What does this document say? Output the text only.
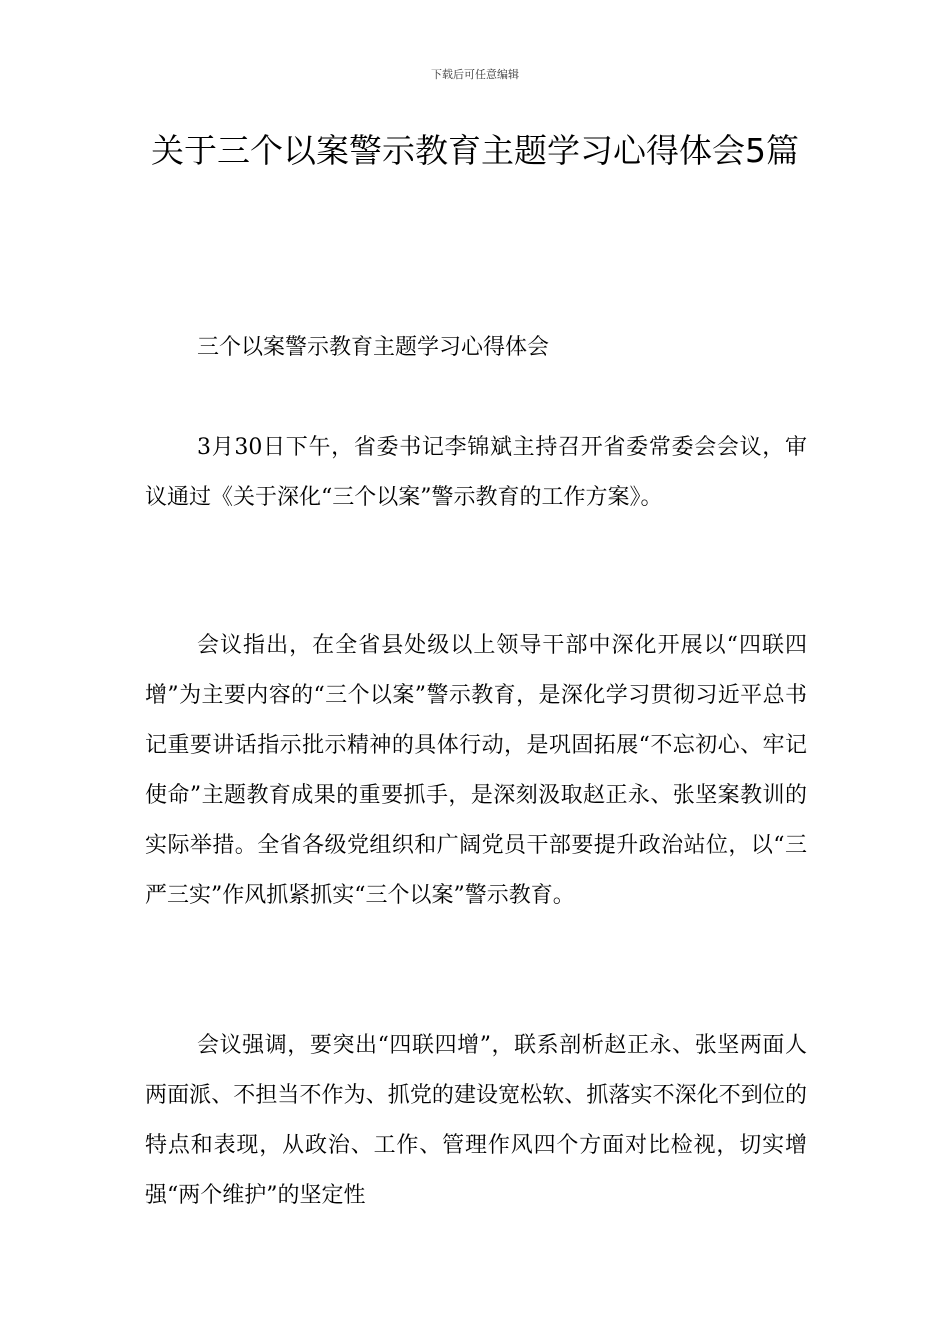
下载后可任意编辑
关于三个以案警示教育主题学习心得体会5篇
三个以案警示教育主题学习心得体会

3月30日下午，省委书记李锦斌主持召开省委常委会会议，审议通过《关于深化“三个以案”警示教育的工作方案》。

会议指出，在全省县处级以上领导干部中深化开展以“四联四增”为主要内容的“三个以案”警示教育，是深化学习贯彻习近平总书记重要讲话指示批示精神的具体行动，是巩固拓展“不忘初心、牢记使命”主题教育成果的重要抓手，是深刻汲取赵正永、张坚案教训的实际举措。全省各级党组织和广阔党员干部要提升政治站位，以“三严三实”作风抓紧抓实“三个以案”警示教育。

会议强调，要突出“四联四增”，联系剖析赵正永、张坚两面人两面派、不担当不作为、抓党的建设宽松软、抓落实不深化不到位的特点和表现，从政治、工作、管理作风四个方面对比检视，切实增强“两个维护”的坚定性
